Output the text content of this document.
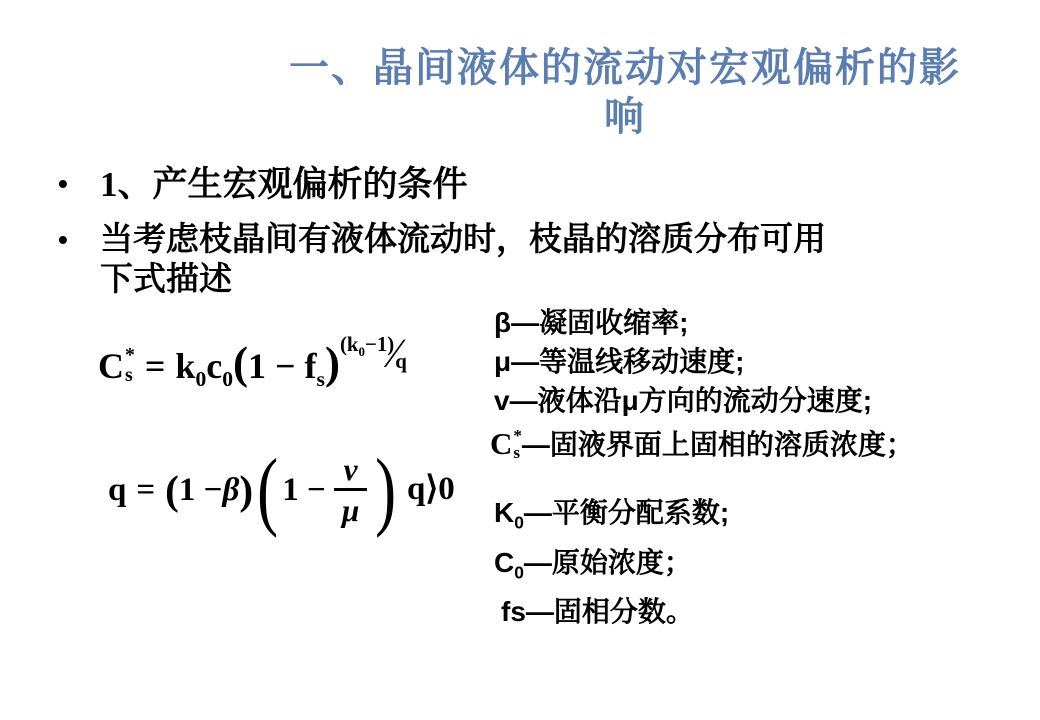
一、晶间液体的流动对宏观偏析的影
响
• 1、产生宏观偏析的条件
• 当考虑枝晶间有液体流动时，枝晶的溶质分布可用
下式描述
C *
$s = k_0c_0(1$ − $f_s)(k_0-1)∕q$
q = ( 1 − β ) ( $1 - \frac{v}{\mu}$ ) q⟩0
β—凝固收缩率;
μ—等温线移动速度;
v—液体沿μ方向的流动分速度;
C *
s —固液界面上固相的溶质浓度；
$K_0—$平衡分配系数;
$C_0—$原始浓度；
fs—固相分数。
